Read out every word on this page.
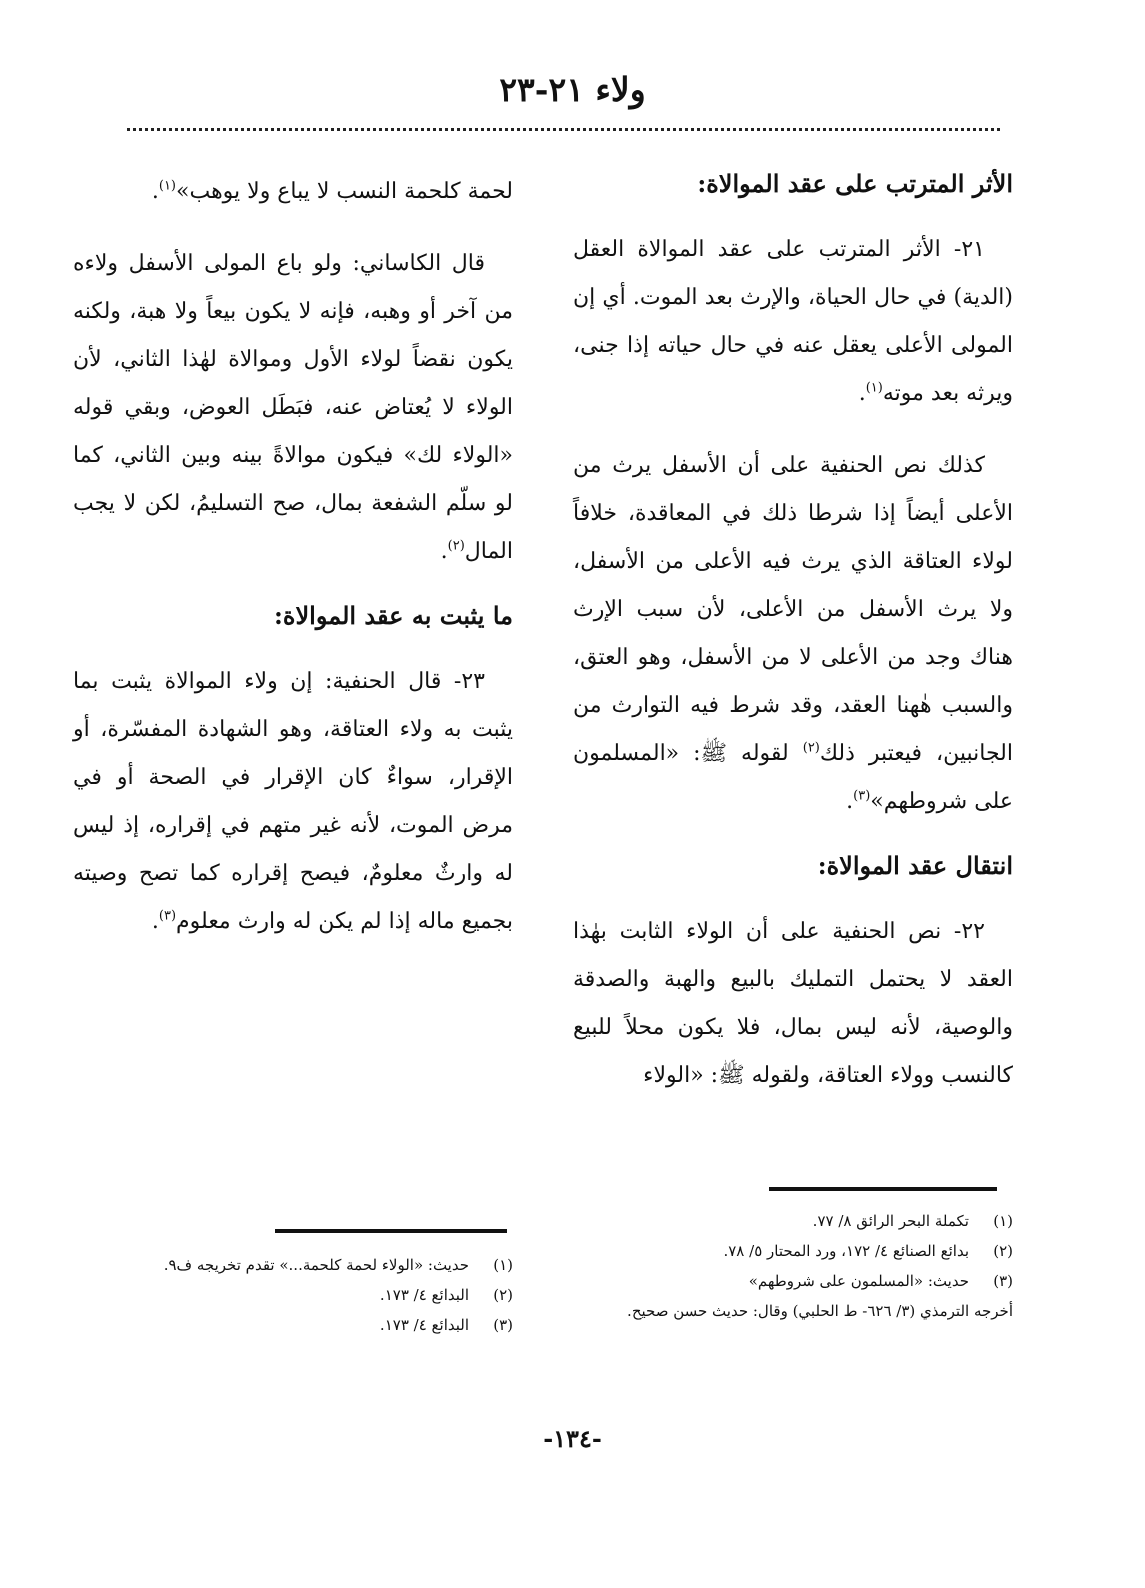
ولاء ٢١-٢٣
الأثر المترتب على عقد الموالاة:

٢١- الأثر المترتب على عقد الموالاة العقل (الدية) في حال الحياة، والإرث بعد الموت. أي إن المولى الأعلى يعقل عنه في حال حياته إذا جنى، ويرثه بعد موته$^{(١)}$.

كذلك نص الحنفية على أن الأسفل يرث من الأعلى أيضاً إذا شرطا ذلك في المعاقدة، خلافاً لولاء العتاقة الذي يرث فيه الأعلى من الأسفل، ولا يرث الأسفل من الأعلى، لأن سبب الإرث هناك وجد من الأعلى لا من الأسفل، وهو العتق، والسبب هٰهنا العقد، وقد شرط فيه التوارث من الجانبين، فيعتبر ذلك$^{(٢)}$ لقوله ﷺ: «المسلمون على شروطهم»$^{(٣)}$.

انتقال عقد الموالاة:

٢٢- نص الحنفية على أن الولاء الثابت بهٰذا العقد لا يحتمل التمليك بالبيع والهبة والصدقة والوصية، لأنه ليس بمال، فلا يكون محلاً للبيع كالنسب وولاء العتاقة، ولقوله ﷺ: «الولاء

لحمة كلحمة النسب لا يباع ولا يوهب»$^{(١)}$.

قال الكاساني: ولو باع المولى الأسفل ولاءه من آخر أو وهبه، فإنه لا يكون بيعاً ولا هبة، ولكنه يكون نقضاً لولاء الأول وموالاة لهٰذا الثاني، لأن الولاء لا يُعتاض عنه، فبَطَل العوض، وبقي قوله «الولاء لك» فيكون موالاةً بينه وبين الثاني، كما لو سلّم الشفعة بمال، صح التسليمُ، لكن لا يجب المال$^{(٢)}$.

ما يثبت به عقد الموالاة:

٢٣- قال الحنفية: إن ولاء الموالاة يثبت بما يثبت به ولاء العتاقة، وهو الشهادة المفسّرة، أو الإقرار، سواءٌ كان الإقرار في الصحة أو في مرض الموت، لأنه غير متهم في إقراره، إذ ليس له وارثٌ معلومٌ، فيصح إقراره كما تصح وصيته بجميع ماله إذا لم يكن له وارث معلوم$^{(٣)}$.

(١)
تكملة البحر الرائق ٨/ ٧٧.
(٢)
بدائع الصنائع ٤/ ١٧٢، ورد المحتار ٥/ ٧٨.
(٣)
حديث: «المسلمون على شروطهم»
أخرجه الترمذي (٣/ ٦٢٦- ط الحلبي) وقال: حديث حسن صحيح.
(١)
حديث: «الولاء لحمة كلحمة...» تقدم تخريجه ف٩.
(٢)
البدائع ٤/ ١٧٣.
(٣)
البدائع ٤/ ١٧٣.
-١٣٤-
